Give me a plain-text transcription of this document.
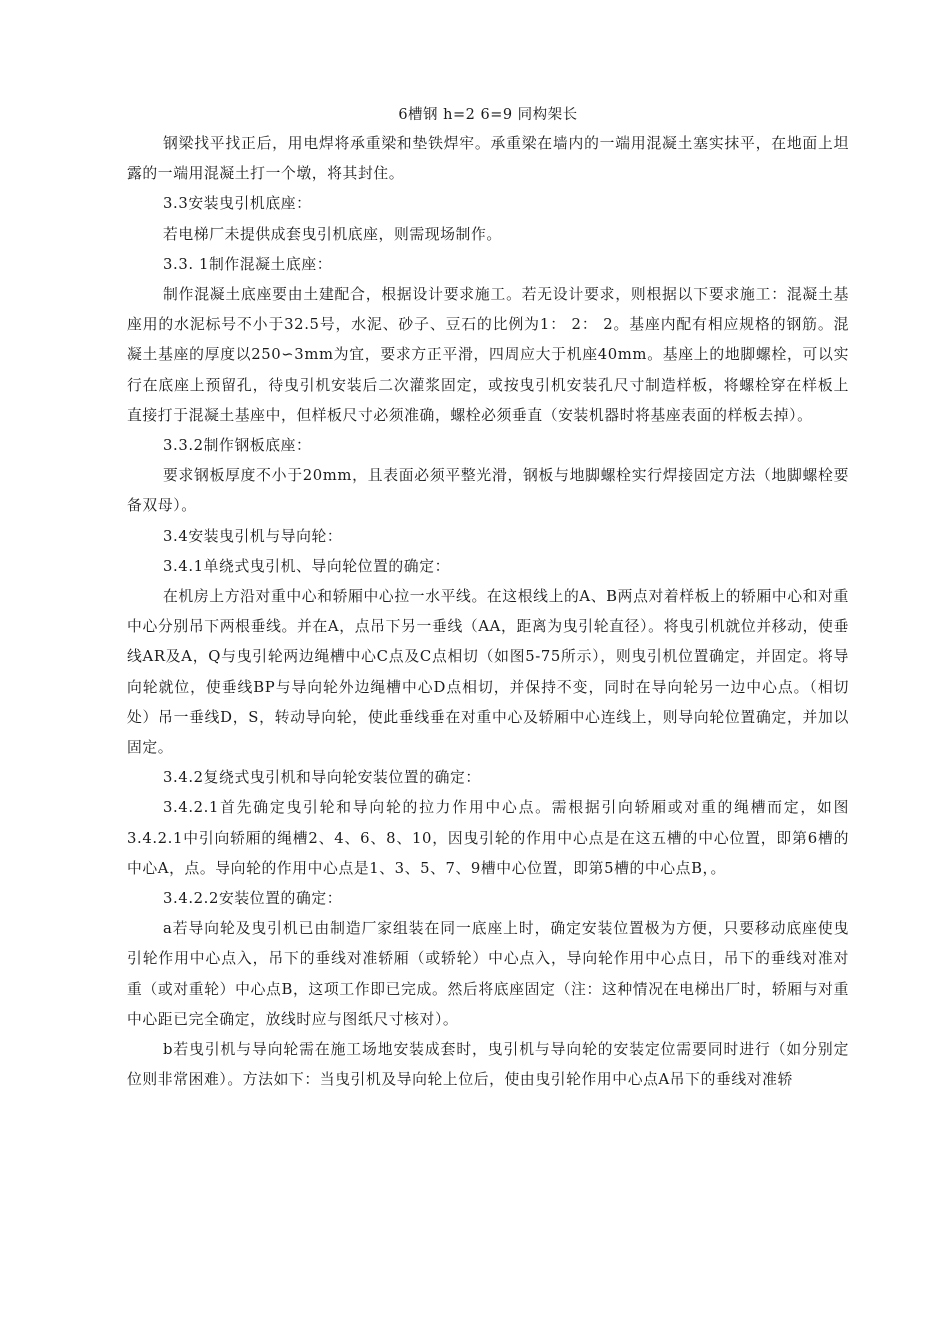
6槽钢 h=2 6=9 同构架长

钢梁找平找正后，用电焊将承重梁和垫铁焊牢。承重梁在墙内的一端用混凝土塞实抹平，在地面上坦露的一端用混凝土打一个墩，将其封住。

3.3安装曳引机底座：

若电梯厂未提供成套曳引机底座，则需现场制作。

3.3. 1制作混凝土底座：

制作混凝土底座要由土建配合，根据设计要求施工。若无设计要求，则根据以下要求施工：混凝土基座用的水泥标号不小于32.5号，水泥、砂子、豆石的比例为1： 2： 2。基座内配有相应规格的钢筋。混凝土基座的厚度以250∽3mm为宜，要求方正平滑，四周应大于机座40mm。基座上的地脚螺栓，可以实行在底座上预留孔，待曳引机安装后二次灌浆固定，或按曳引机安装孔尺寸制造样板，将螺栓穿在样板上直接打于混凝土基座中，但样板尺寸必须准确，螺栓必须垂直（安装机器时将基座表面的样板去掉）。

3.3.2制作钢板底座：

要求钢板厚度不小于20mm，且表面必须平整光滑，钢板与地脚螺栓实行焊接固定方法（地脚螺栓要备双母）。

3.4安装曳引机与导向轮：

3.4.1单绕式曳引机、导向轮位置的确定：

在机房上方沿对重中心和轿厢中心拉一水平线。在这根线上的A、B两点对着样板上的轿厢中心和对重中心分别吊下两根垂线。并在A，点吊下另一垂线（AA，距离为曳引轮直径）。将曳引机就位并移动，使垂线AR及A，Q与曳引轮两边绳槽中心C点及C点相切（如图5-75所示），则曳引机位置确定，并固定。将导向轮就位，使垂线BP与导向轮外边绳槽中心D点相切，并保持不变，同时在导向轮另一边中心点。（相切处）吊一垂线D，S，转动导向轮，使此垂线垂在对重中心及轿厢中心连线上，则导向轮位置确定，并加以固定。

3.4.2复绕式曳引机和导向轮安装位置的确定：

3.4.2.1首先确定曳引轮和导向轮的拉力作用中心点。需根据引向轿厢或对重的绳槽而定，如图3.4.2.1中引向轿厢的绳槽2、4、6、8、10，因曳引轮的作用中心点是在这五槽的中心位置，即第6槽的中心A，点。导向轮的作用中心点是1、3、5、7、9槽中心位置，即第5槽的中心点B，。

3.4.2.2安装位置的确定：

a若导向轮及曳引机已由制造厂家组装在同一底座上时，确定安装位置极为方便，只要移动底座使曳引轮作用中心点入，吊下的垂线对准轿厢（或轿轮）中心点入，导向轮作用中心点日，吊下的垂线对准对重（或对重轮）中心点B，这项工作即已完成。然后将底座固定（注：这种情况在电梯出厂时，轿厢与对重中心距已完全确定，放线时应与图纸尺寸核对）。

b若曳引机与导向轮需在施工场地安装成套时，曳引机与导向轮的安装定位需要同时进行（如分别定位则非常困难）。方法如下：当曳引机及导向轮上位后，使由曳引轮作用中心点A吊下的垂线对准轿
